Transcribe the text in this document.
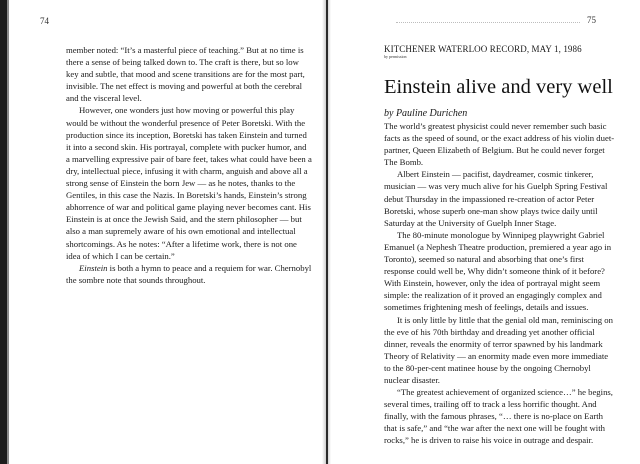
74

member noted: “It’s a masterful piece of teaching.” But at no time is there a sense of being talked down to. The craft is there, but so low key and subtle, that mood and scene transitions are for the most part, invisible. The net effect is moving and powerful at both the cerebral and the visceral level.

However, one wonders just how moving or powerful this play would be without the wonderful presence of Peter Boretski. With the production since its inception, Boretski has taken Einstein and turned it into a second skin. His portrayal, complete with pucker humor, and a marvelling expressive pair of bare feet, takes what could have been a dry, intellectual piece, infusing it with charm, anguish and above all a strong sense of Einstein the born Jew — as he notes, thanks to the Gentiles, in this case the Nazis. In Boretski’s hands, Einstein’s strong abhorrence of war and political game playing never becomes cant. His Einstein is at once the Jewish Said, and the stern philosopher — but also a man supremely aware of his own emotional and intellectual shortcomings. As he notes: “After a lifetime work, there is not one idea of which I can be certain.”

Einstein is both a hymn to peace and a requiem for war. Chernobyl the sombre note that sounds throughout.

75

KITCHENER WATERLOO RECORD, MAY 1, 1986

by permission

Einstein alive and very well

by Pauline Durichen

The world’s greatest physicist could never remember such basic facts as the speed of sound, or the exact address of his violin duet-partner, Queen Elizabeth of Belgium. But he could never forget The Bomb.

Albert Einstein — pacifist, daydreamer, cosmic tinkerer, musician — was very much alive for his Guelph Spring Festival debut Thursday in the impassioned re-creation of actor Peter Boretski, whose superb one-man show plays twice daily until Saturday at the University of Guelph Inner Stage.

The 80-minute monologue by Winnipeg playwright Gabriel Emanuel (a Nephesh Theatre production, premiered a year ago in Toronto), seemed so natural and absorbing that one’s first response could well be, Why didn’t someone think of it before? With Einstein, however, only the idea of portrayal might seem simple: the realization of it proved an engagingly complex and sometimes frightening mesh of feelings, details and issues.

It is only little by little that the genial old man, reminiscing on the eve of his 70th birthday and dreading yet another official dinner, reveals the enormity of terror spawned by his landmark Theory of Relativity — an enormity made even more immediate to the 80-per-cent matinee house by the ongoing Chernobyl nuclear disaster.

“The greatest achievement of organized science…” he begins, several times, trailing off to track a less horrific thought. And finally, with the famous phrases, “… there is no-place on Earth that is safe,” and “the war after the next one will be fought with rocks,” he is driven to raise his voice in outrage and despair.
